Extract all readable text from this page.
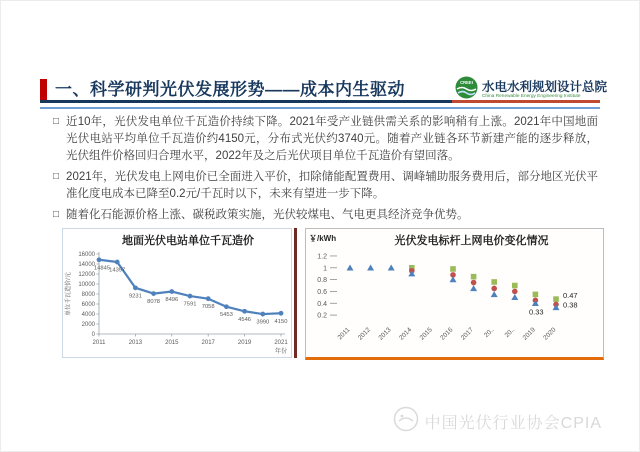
一、科学研判光伏发展形势——成本内生驱动	CREEI 水电水利规划设计总院
China Renewable Energy Engineering Institute
□ 近10年，光伏发电单位千瓦造价持续下降。2021年受产业链供需关系的影响稍有上涨。2021年中国地面光伏电站平均单位千瓦造价约4150元，分布式光伏约3740元。随着产业链各环节新建产能的逐步释放，光伏组件价格回归合理水平，2022年及之后光伏项目单位千瓦造价有望回落。
□ 2021年，光伏发电上网电价已全面进入平价，扣除储能配置费用、调峰辅助服务费用后，部分地区光伏平准化度电成本已降至0.2元/千瓦时以下，未来有望进一步下降。
□ 随着化石能源价格上涨、碳税政策实施，光伏较煤电、气电更具经济竞争优势。
地面光伏电站单位千瓦造价
0
2000
4000
6000
8000
10000
12000
14000
16000
2011	2013	2015	2017	2019	2021
14845 14397
9231
8078 8496
7591 7058
5453
4546 3990 4150
单位千瓦造价/元
年份
光伏发电标杆上网电价变化情况
￥/kWh
0.2
0.4
0.6
0.8
1
1.2
2011 2012 2013 2014 2015 2016 2017 20.. 20.. 2019 2020
0.47
0.38
0.33
中国光伏行业协会CPIA
